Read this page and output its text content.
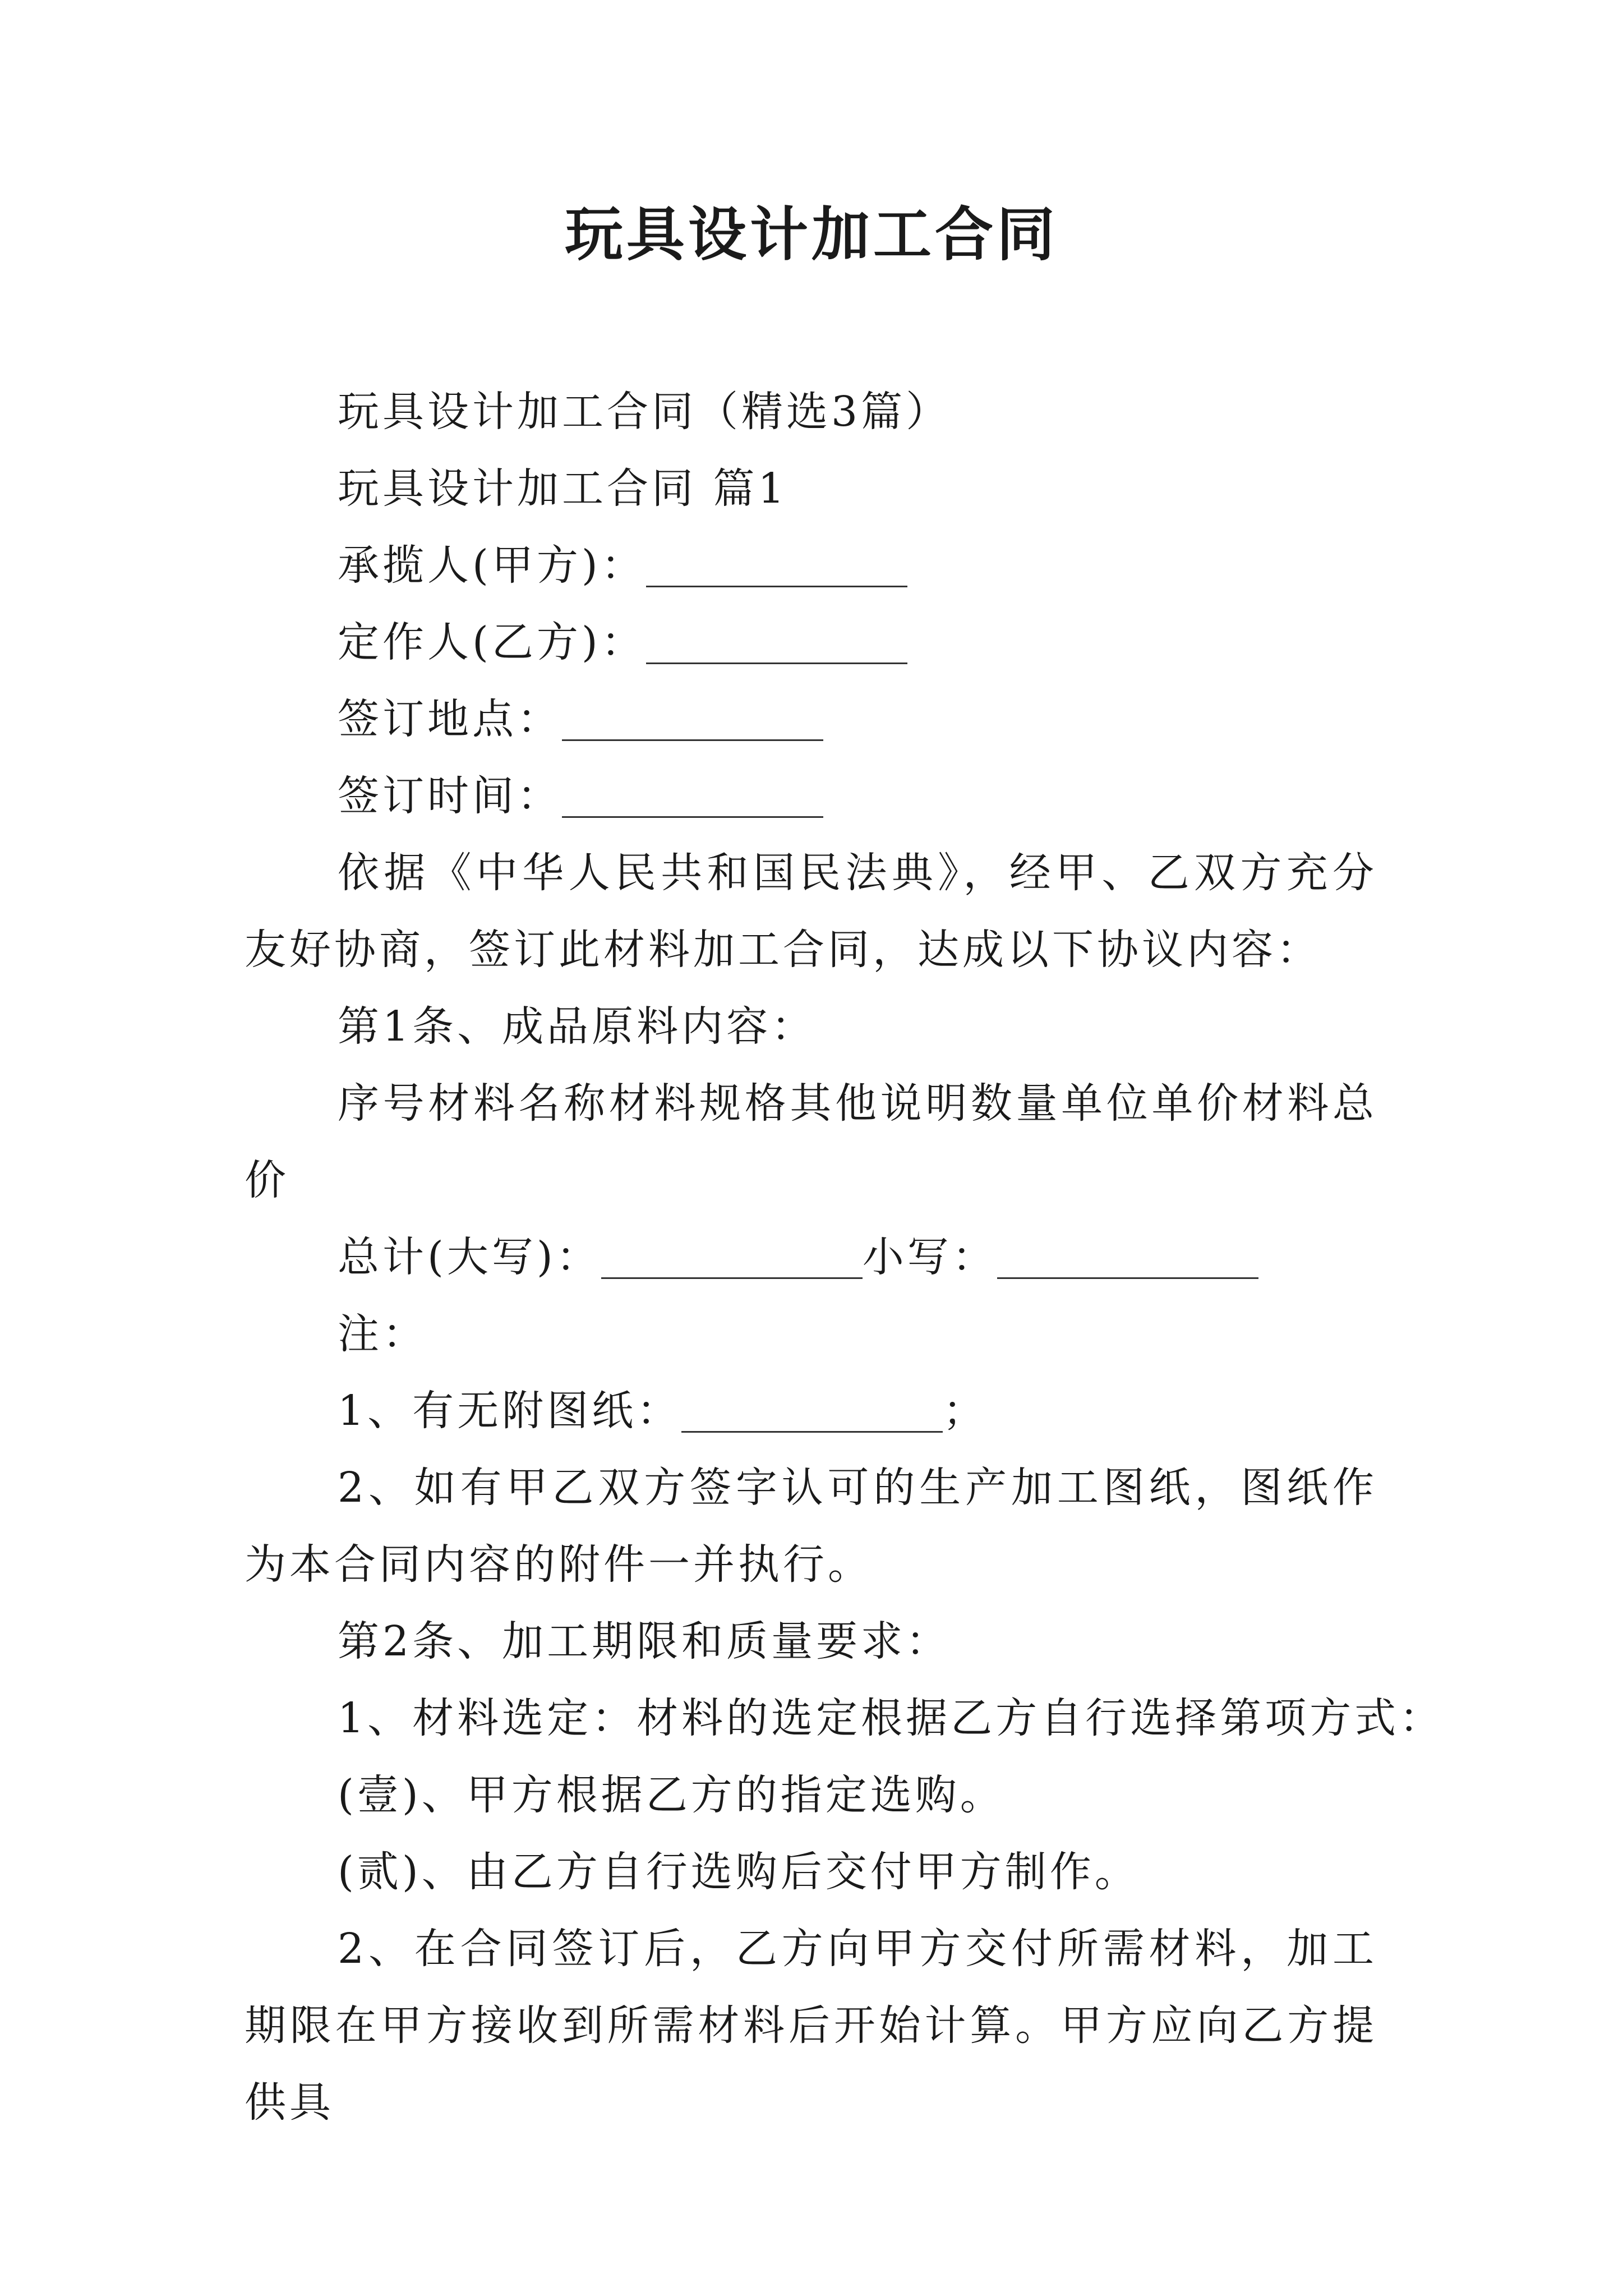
玩具设计加工合同

玩具设计加工合同（精选3篇）

玩具设计加工合同 篇1

承揽人(甲方)：

定作人(乙方)：

签订地点：

签订时间：

依据《中华人民共和国民法典》，经甲、乙双方充分友好协商，签订此材料加工合同，达成以下协议内容：

第1条、成品原料内容：

序号材料名称材料规格其他说明数量单位单价材料总价

总计(大写)：	小写：

注：

1、有无附图纸：	；

2、如有甲乙双方签字认可的生产加工图纸，图纸作为本合同内容的附件一并执行。

第2条、加工期限和质量要求：

1、材料选定：材料的选定根据乙方自行选择第项方式：

(壹)、甲方根据乙方的指定选购。

(贰)、由乙方自行选购后交付甲方制作。

2、在合同签订后，乙方向甲方交付所需材料，加工期限在甲方接收到所需材料后开始计算。甲方应向乙方提供具
